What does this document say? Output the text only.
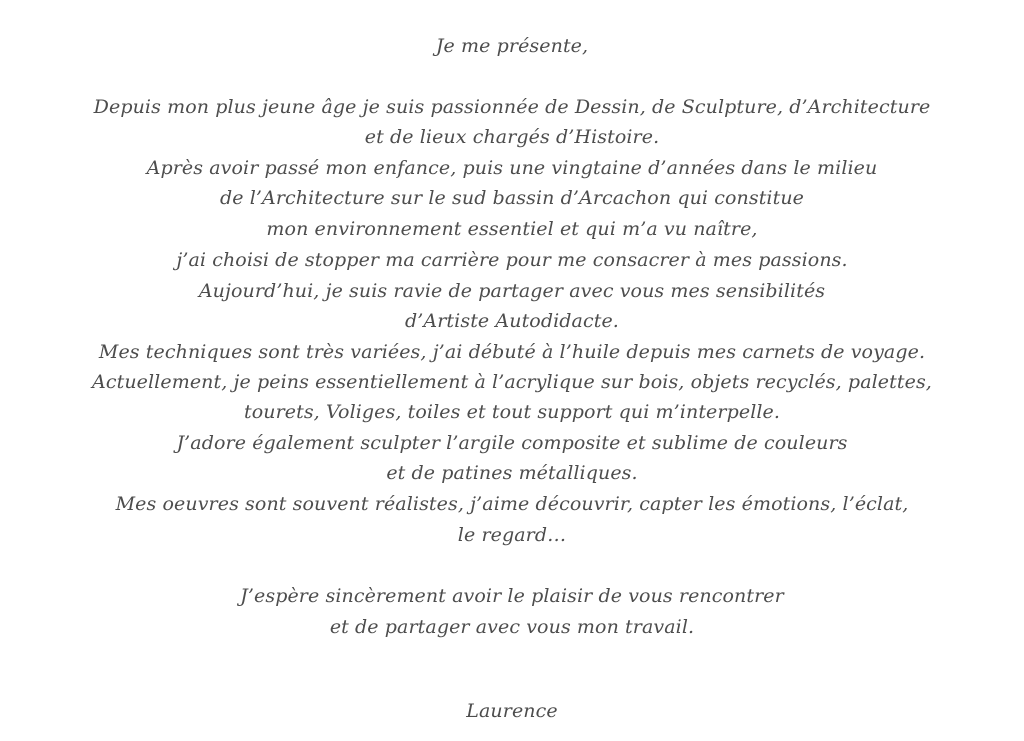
Je me présente,
Depuis mon plus jeune âge je suis passionnée de Dessin, de Sculpture, d’Architecture
et de lieux chargés d’Histoire.
Après avoir passé mon enfance, puis une vingtaine d’années dans le milieu
de l’Architecture sur le sud bassin d’Arcachon qui constitue
mon environnement essentiel et qui m’a vu naître,
j’ai choisi de stopper ma carrière pour me consacrer à mes passions.
Aujourd’hui, je suis ravie de partager avec vous mes sensibilités
d’Artiste Autodidacte.
Mes techniques sont très variées, j’ai débuté à l’huile depuis mes carnets de voyage.
Actuellement, je peins essentiellement à l’acrylique sur bois, objets recyclés, palettes,
tourets, Voliges, toiles et tout support qui m’interpelle.
J’adore également sculpter l’argile composite et sublime de couleurs
et de patines métalliques.
Mes oeuvres sont souvent réalistes, j’aime découvrir, capter les émotions, l’éclat,
le regard…
J’espère sincèrement avoir le plaisir de vous rencontrer
et de partager avec vous mon travail.
Laurence
